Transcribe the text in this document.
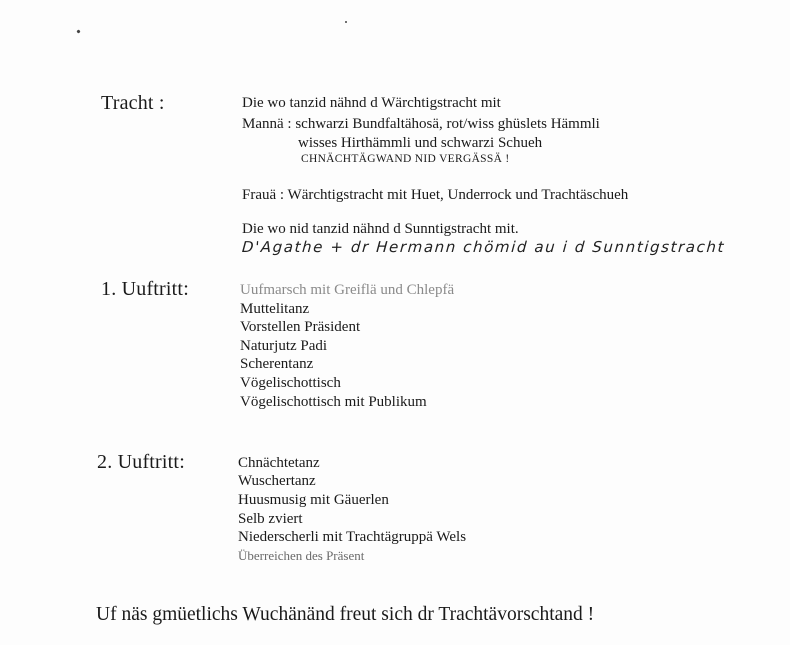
Tracht :	Die wo tanzid nähnd d Wärchtigstracht mit
Mannä : schwarzi Bundfaltähosä, rot/wiss ghüslets Hämmli
wisses Hirthämmli und schwarzi Schueh
CHNÄCHTÄGWAND NID VERGÄSSÄ !
Frauä : Wärchtigstracht mit Huet, Underrock und Trachtäschueh
Die wo nid tanzid nähnd d Sunntigstracht mit.
D'Agathe + dr Hermann chömid au i d Sunntigstracht
1. Uuftritt:	Uufmarsch mit Greiflä und Chlepfä
Muttelitanz
Vorstellen Präsident
Naturjutz Padi
Scherentanz
Vögelischottisch
Vögelischottisch mit Publikum
2. Uuftritt:	Chnächtetanz
Wuschertanz
Huusmusig mit Gäuerlen
Selb zviert
Niederscherli mit Trachtägruppä Wels
Überreichen des Präsent
Uf näs gmüetlichs Wuchänänd freut sich dr Trachtävorschtand !
